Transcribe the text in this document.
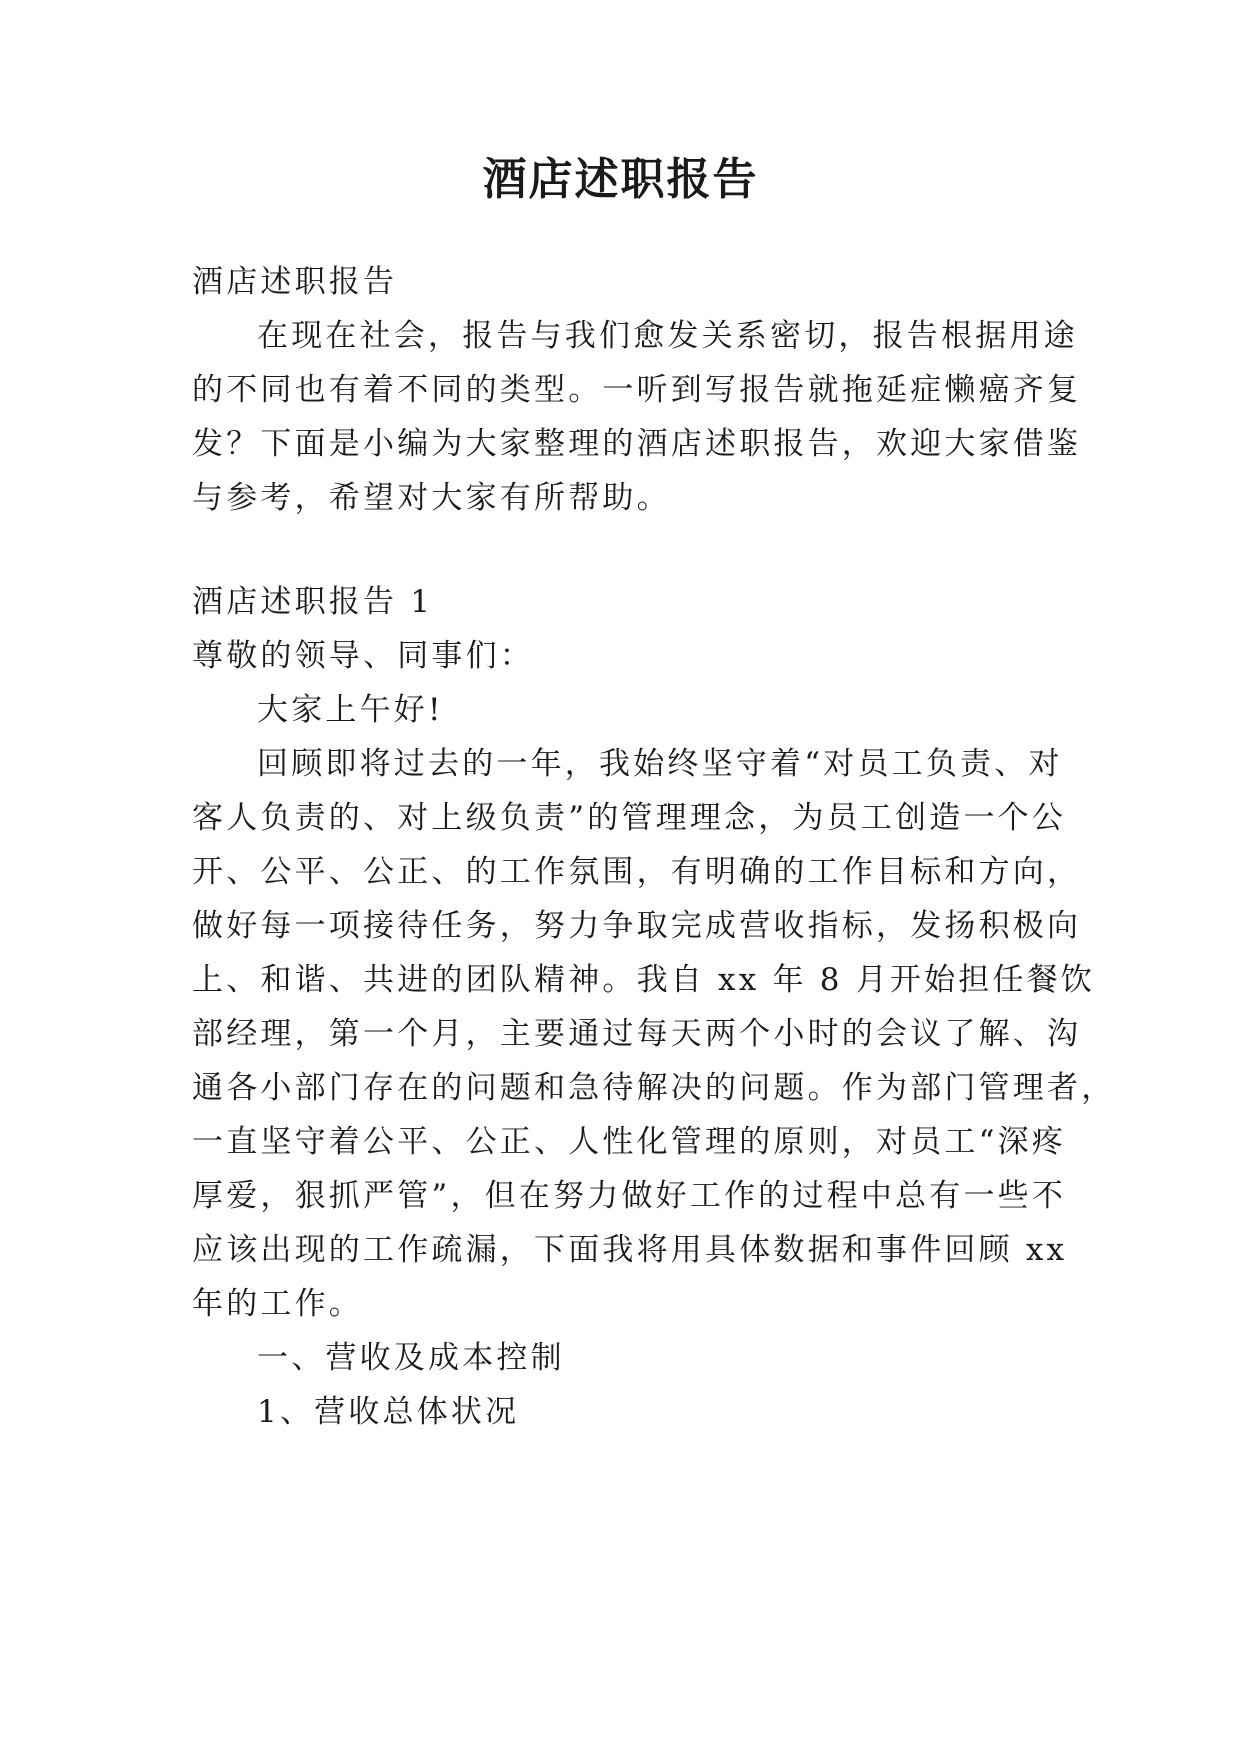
酒店述职报告
酒店述职报告
在现在社会，报告与我们愈发关系密切，报告根据用途
的不同也有着不同的类型。一听到写报告就拖延症懒癌齐复
发？下面是小编为大家整理的酒店述职报告，欢迎大家借鉴
与参考，希望对大家有所帮助。
酒店述职报告 1
尊敬的领导、同事们：
大家上午好!
回顾即将过去的一年，我始终坚守着“对员工负责、对
客人负责的、对上级负责”的管理理念，为员工创造一个公
开、公平、公正、的工作氛围，有明确的工作目标和方向，
做好每一项接待任务，努力争取完成营收指标，发扬积极向
上、和谐、共进的团队精神。我自 xx 年 8 月开始担任餐饮
部经理，第一个月，主要通过每天两个小时的会议了解、沟
通各小部门存在的问题和急待解决的问题。作为部门管理者，
一直坚守着公平、公正、人性化管理的原则，对员工“深疼
厚爱，狠抓严管”，但在努力做好工作的过程中总有一些不
应该出现的工作疏漏，下面我将用具体数据和事件回顾 xx
年的工作。
一、营收及成本控制
1、营收总体状况
